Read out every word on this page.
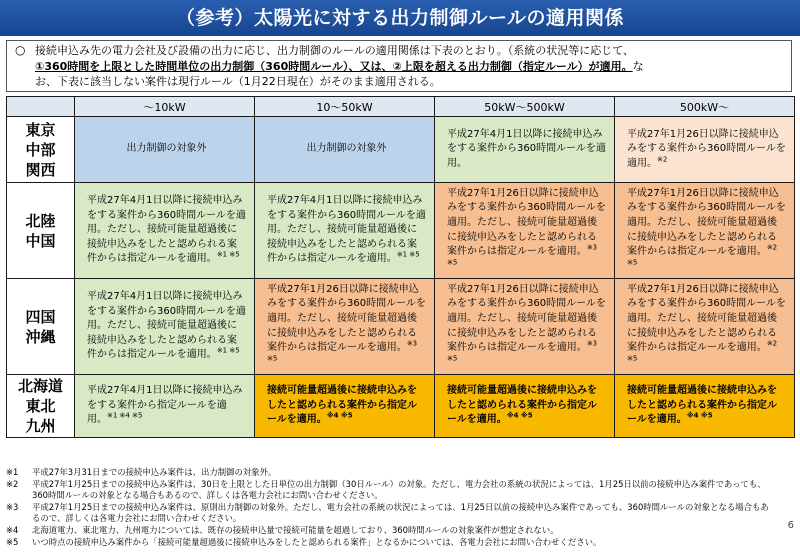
（参考）太陽光に対する出力制御ルールの適用関係
○ 接続申込み先の電力会社及び設備の出力に応じ、出力制御のルールの適用関係は下表のとおり。（系統の状況等に応じて、
①360時間を上限とした時間単位の出力制御（360時間ルール）、又は、②上限を超える出力制御（指定ルール）が適用。な
お、下表に該当しない案件は現行ルール（1月22日現在）がそのまま適用される。
	～10kW	10～50kW	50kW～500kW	500kW～
東京
中部
関西	出力制御の対象外	出力制御の対象外	平成27年4月1日以降に接続申込みをする案件から360時間ルールを適用。	平成27年1月26日以降に接続申込みをする案件から360時間ルールを適用。$^{※2}$
北陸
中国	平成27年4月1日以降に接続申込みをする案件から360時間ルールを適用。ただし、接続可能量超過後に接続申込みをしたと認められる案件からは指定ルールを適用。$^{※1 ※5}$	平成27年4月1日以降に接続申込みをする案件から360時間ルールを適用。ただし、接続可能量超過後に接続申込みをしたと認められる案件からは指定ルールを適用。$^{※1 ※5}$	平成27年1月26日以降に接続申込みをする案件から360時間ルールを適用。ただし、接続可能量超過後に接続申込みをしたと認められる案件からは指定ルールを適用。$^{※3 ※5}$	平成27年1月26日以降に接続申込みをする案件から360時間ルールを適用。ただし、接続可能量超過後に接続申込みをしたと認められる案件からは指定ルールを適用。$^{※2 ※5}$
四国
沖縄	平成27年4月1日以降に接続申込みをする案件から360時間ルールを適用。ただし、接続可能量超過後に接続申込みをしたと認められる案件からは指定ルールを適用。$^{※1 ※5}$	平成27年1月26日以降に接続申込みをする案件から360時間ルールを適用。ただし、接続可能量超過後に接続申込みをしたと認められる案件からは指定ルールを適用。$^{※3 ※5}$	平成27年1月26日以降に接続申込みをする案件から360時間ルールを適用。ただし、接続可能量超過後に接続申込みをしたと認められる案件からは指定ルールを適用。$^{※3 ※5}$	平成27年1月26日以降に接続申込みをする案件から360時間ルールを適用。ただし、接続可能量超過後に接続申込みをしたと認められる案件からは指定ルールを適用。$^{※2 ※5}$
北海道
東北
九州	平成27年4月1日以降に接続申込みをする案件から指定ルールを適用。$^{※1 ※4 ※5}$	接続可能量超過後に接続申込みをしたと認められる案件から指定ルールを適用。$^{※4 ※5}$	接続可能量超過後に接続申込みをしたと認められる案件から指定ルールを適用。$^{※4 ※5}$	接続可能量超過後に接続申込みをしたと認められる案件から指定ルールを適用。$^{※4 ※5}$
※1 平成27年3月31日までの接続申込み案件は、出力制御の対象外。
※2 平成27年1月25日までの接続申込み案件は、30日を上限とした日単位の出力制御（30日ルール）の対象。ただし、電力会社の系統の状況によっては、1月25日以前の接続申込み案件であっても、360時間ルールの対象となる場合もあるので、詳しくは各電力会社にお問い合わせください。
※3 平成27年1月25日までの接続申込み案件は、原則出力制御の対象外。ただし、電力会社の系統の状況によっては、1月25日以前の接続申込み案件であっても、360時間ルールの対象となる場合もあるので、詳しくは各電力会社にお問い合わせください。
※4 北海道電力、東北電力、九州電力については、既存の接続申込量で接続可能量を超過しており、360時間ルールの対象案件が想定されない。
※5 いつ時点の接続申込み案件から「接続可能量超過後に接続申込みをしたと認められる案件」となるかについては、各電力会社にお問い合わせください。
6
